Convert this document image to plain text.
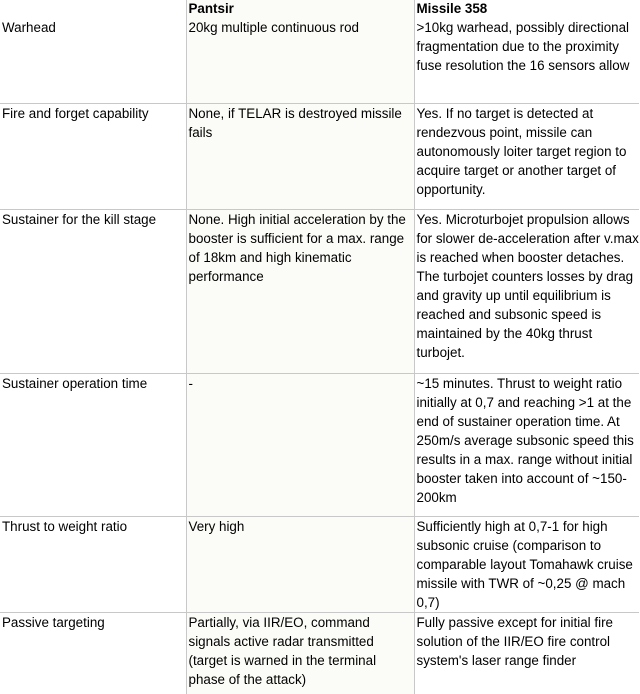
	Pantsir	Missile 358
Warhead	20kg multiple continuous rod	>10kg warhead, possibly directional fragmentation due to the proximity fuse resolution the 16 sensors allow
Fire and forget capability	None, if TELAR is destroyed missile fails	Yes. If no target is detected at rendezvous point, missile can autonomously loiter target region to acquire target or another target of opportunity.
Sustainer for the kill stage	None. High initial acceleration by the booster is sufficient for a max. range of 18km and high kinematic performance	Yes. Microturbojet propulsion allows for slower de-acceleration after v.max is reached when booster detaches. The turbojet counters losses by drag and gravity up until equilibrium is reached and subsonic speed is maintained by the 40kg thrust turbojet.
Sustainer operation time	-	~15 minutes. Thrust to weight ratio initially at 0,7 and reaching >1 at the end of sustainer operation time. At 250m/s average subsonic speed this results in a max. range without initial booster taken into account of ~150-200km
Thrust to weight ratio	Very high	Sufficiently high at 0,7-1 for high subsonic cruise (comparison to comparable layout Tomahawk cruise missile with TWR of ~0,25 @ mach 0,7)
Passive targeting	Partially, via IIR/EO, command signals active radar transmitted (target is warned in the terminal phase of the attack)	Fully passive except for initial fire solution of the IIR/EO fire control system's laser range finder
